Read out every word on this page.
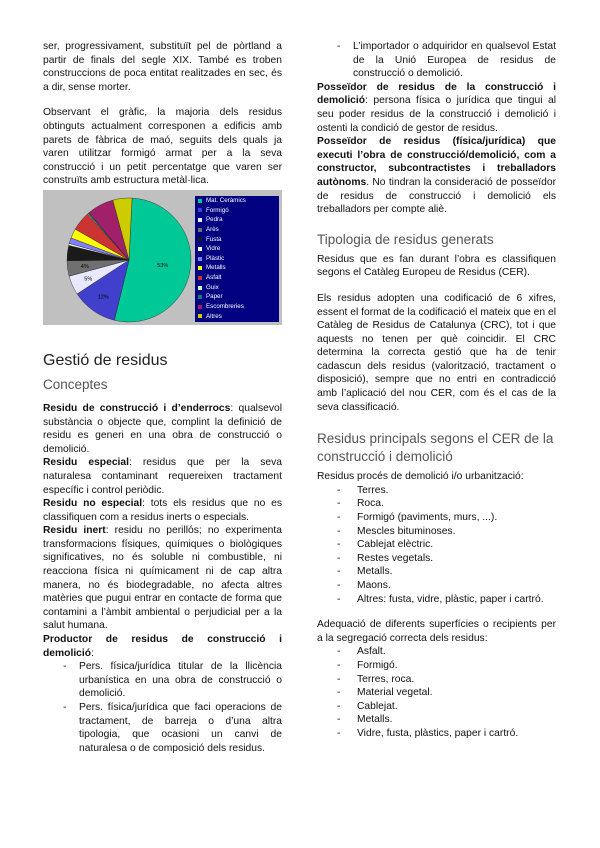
ser, progressivament, substituït pel de pòrtland a partir de finals del segle XIX. També es troben construccions de poca entitat realitzades en sec, és a dir, sense morter.

Observant el gràfic, la majoria dels residus obtinguts actualment corresponen a edificis amb parets de fàbrica de maó, seguits dels quals ja varen utilitzar formigó armat per a la seva construcció i un petit percentatge que varen ser construïts amb estructura metàl·lica.

53%
12%
5%
4%
Mat. Ceràmics
Formigó
Pedra
Arès
Fusta
Vidre
Plàstic
Metalls
Asfalt
Guix
Paper
Escombreries
Altres
Gestió de residus
Conceptes

Residu de construcció i d’enderrocs: qualsevol substància o objecte que, complint la definició de residu es generi en una obra de construcció o demolició.

Residu especial: residus que per la seva naturalesa contaminant requereixen tractament específic i control periòdic.

Residu no especial: tots els residus que no es classifiquen com a residus inerts o especials.

Residu inert: residu no perillós; no experimenta transformacions físiques, químiques o biològiques significatives, no és soluble ni combustible, ni reacciona física ni químicament ni de cap altra manera, no és biodegradable, no afecta altres matèries que pugui entrar en contacte de forma que contamini a l’àmbit ambiental o perjudicial per a la salut humana.

Productor de residus de construcció i demolició:

- Pers. física/jurídica titular de la llicència urbanística en una obra de construcció o demolició.
- Pers. física/jurídica que faci operacions de tractament, de barreja o d’una altra tipologia, que ocasioni un canvi de naturalesa o de composició dels residus.
- L’importador o adquiridor en qualsevol Estat de la Unió Europea de residus de construcció o demolició.

Posseïdor de residus de la construcció i demolició: persona física o jurídica que tingui al seu poder residus de la construcció i demolició i ostenti la condició de gestor de residus.

Posseïdor de residus (física/jurídica) que executi l’obra de construcció/demolició, com a constructor, subcontractistes i treballadors autònoms. No tindran la consideració de posseïdor de residus de construcció i demolició els treballadors per compte aliè.

Tipologia de residus generats

Residus que es fan durant l’obra es classifiquen segons el Catàleg Europeu de Residus (CER).

Els residus adopten una codificació de 6 xifres, essent el format de la codificació el mateix que en el Catàleg de Residus de Catalunya (CRC), tot i que aquests no tenen per què coincidir. El CRC determina la correcta gestió que ha de tenir cadascun dels residus (valorització, tractament o disposició), sempre que no entri en contradicció amb l’aplicació del nou CER, com és el cas de la seva classificació.

Residus principals segons el CER de la construcció i demolició

Residus procés de demolició i/o urbanització:

- Terres.
- Roca.
- Formigó (paviments, murs, ...).
- Mescles bituminoses.
- Cablejat elèctric.
- Restes vegetals.
- Metalls.
- Maons.
- Altres: fusta, vidre, plàstic, paper i cartró.

Adequació de diferents superfícies o recipients per a la segregació correcta dels residus:

- Asfalt.
- Formigó.
- Terres, roca.
- Material vegetal.
- Cablejat.
- Metalls.
- Vidre, fusta, plàstics, paper i cartró.
